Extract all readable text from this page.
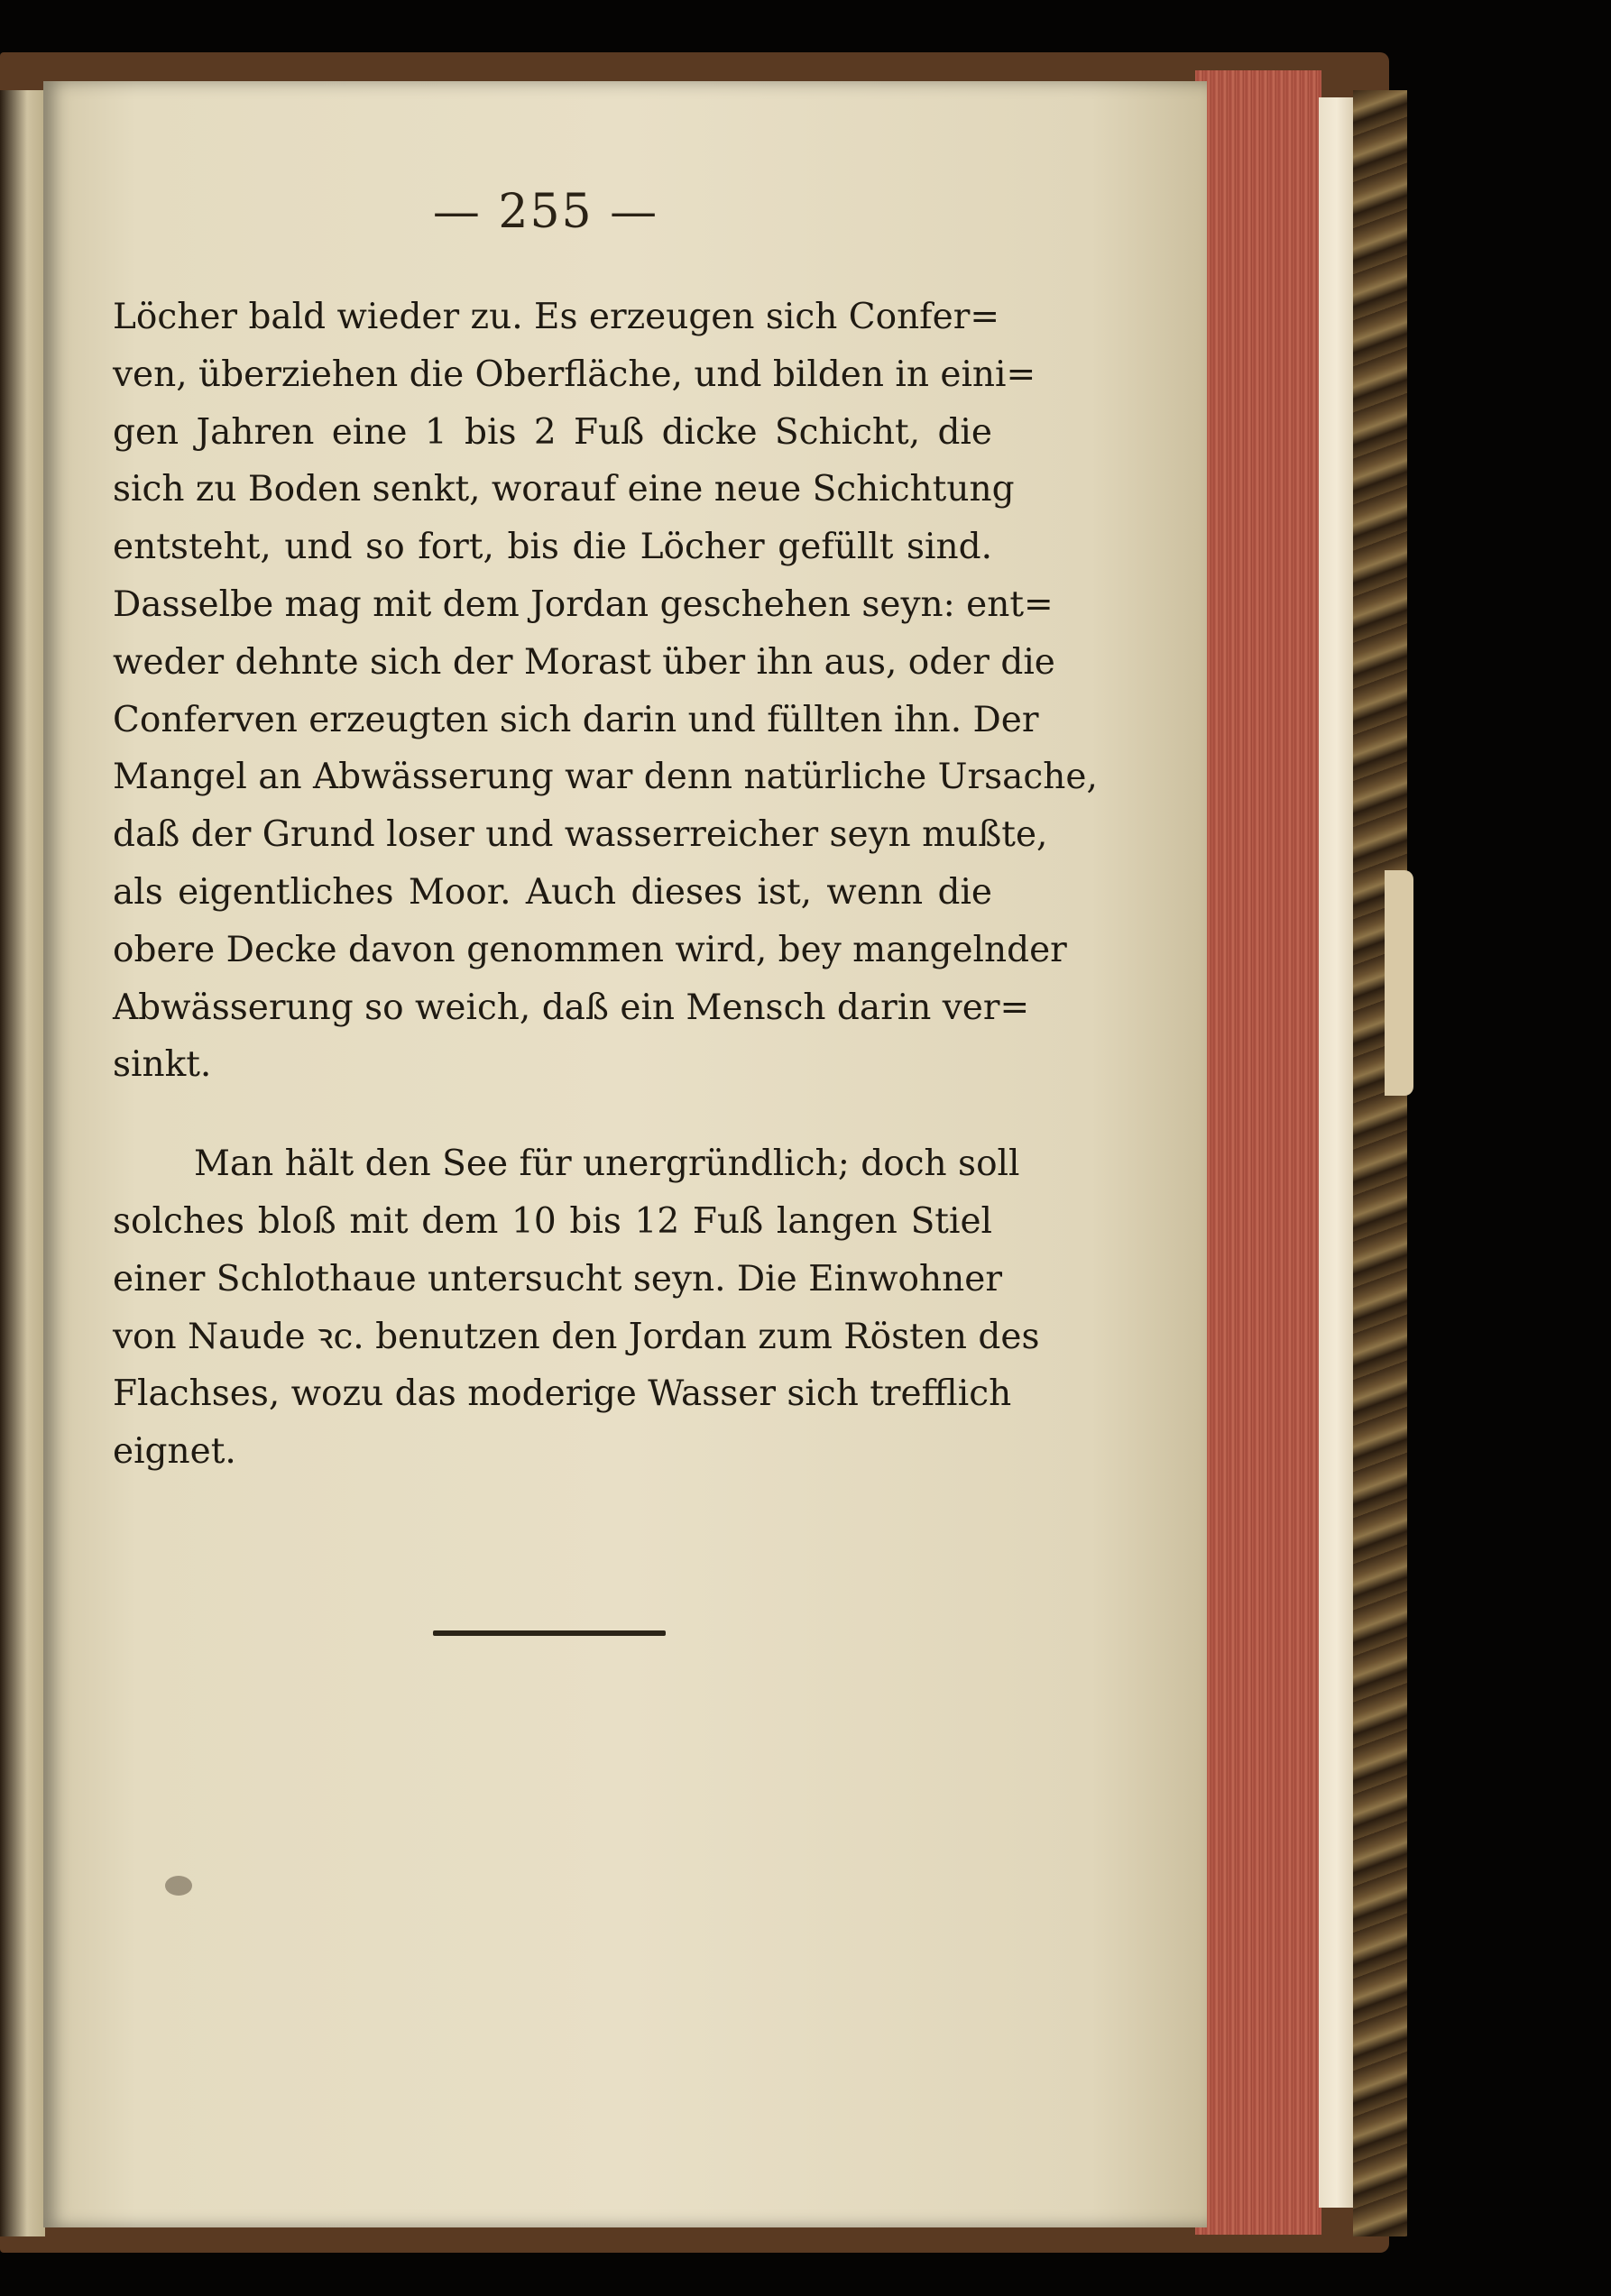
— 255 —
Löcher bald wieder zu. Es erzeugen sich Confer=
ven, überziehen die Oberfläche, und bilden in eini=
gen Jahren eine 1 bis 2 Fuß dicke Schicht, die
sich zu Boden senkt, worauf eine neue Schichtung
entsteht, und so fort, bis die Löcher gefüllt sind.
Dasselbe mag mit dem Jordan geschehen seyn: ent=
weder dehnte sich der Morast über ihn aus, oder die
Conferven erzeugten sich darin und füllten ihn. Der
Mangel an Abwässerung war denn natürliche Ursache,
daß der Grund loser und wasserreicher seyn mußte,
als eigentliches Moor. Auch dieses ist, wenn die
obere Decke davon genommen wird, bey mangelnder
Abwässerung so weich, daß ein Mensch darin ver=
sinkt.
Man hält den See für unergründlich; doch soll
solches bloß mit dem 10 bis 12 Fuß langen Stiel
einer Schlothaue untersucht seyn. Die Einwohner
von Naude ꝛc. benutzen den Jordan zum Rösten des
Flachses, wozu das moderige Wasser sich trefflich
eignet.
